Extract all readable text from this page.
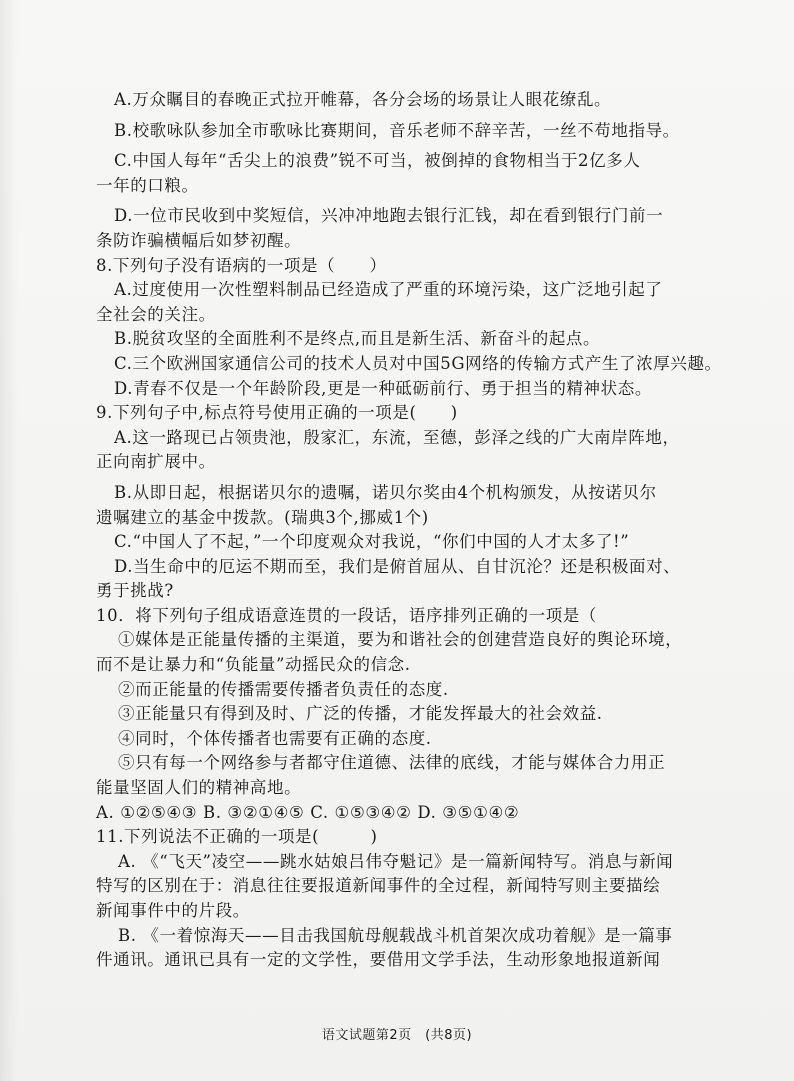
A.万众瞩目的春晚正式拉开帷幕，各分会场的场景让人眼花缭乱。
B.校歌咏队参加全市歌咏比赛期间，音乐老师不辞辛苦，一丝不苟地指导。
C.中国人每年“舌尖上的浪费”锐不可当，被倒掉的食物相当于2亿多人
一年的口粮。
D.一位市民收到中奖短信，兴冲冲地跑去银行汇钱，却在看到银行门前一
条防诈骗横幅后如梦初醒。
8.下列句子没有语病的一项是（　　）
A.过度使用一次性塑料制品已经造成了严重的环境污染，这广泛地引起了
全社会的关注。
B.脱贫攻坚的全面胜利不是终点,而且是新生活、新奋斗的起点。
C.三个欧洲国家通信公司的技术人员对中国5G网络的传输方式产生了浓厚兴趣。
D.青春不仅是一个年龄阶段,更是一种砥砺前行、勇于担当的精神状态。
9.下列句子中,标点符号使用正确的一项是(　　)
A.这一路现已占领贵池，殷家汇，东流，至德，彭泽之线的广大南岸阵地，
正向南扩展中。
B.从即日起，根据诺贝尔的遗嘱，诺贝尔奖由4个机构颁发，从按诺贝尔
遗嘱建立的基金中拨款。(瑞典3个,挪威1个)
C.“中国人了不起，”一个印度观众对我说，“你们中国的人才太多了!”
D.当生命中的厄运不期而至，我们是俯首屈从、自甘沉沦？还是积极面对、
勇于挑战?
10．将下列句子组成语意连贯的一段话，语序排列正确的一项是（
①媒体是正能量传播的主渠道，要为和谐社会的创建营造良好的舆论环境，
而不是让暴力和“负能量”动摇民众的信念.
②而正能量的传播需要传播者负责任的态度.
③正能量只有得到及时、广泛的传播，才能发挥最大的社会效益.
④同时，个体传播者也需要有正确的态度.
⑤只有每一个网络参与者都守住道德、法律的底线，才能与媒体合力用正
能量坚固人们的精神高地。
A. ①②⑤④③ B. ③②①④⑤ C. ①⑤③④② D. ③⑤①④②
11.下列说法不正确的一项是(　　　)
A. 《“飞天”凌空——跳水姑娘吕伟夺魁记》是一篇新闻特写。消息与新闻
特写的区别在于：消息往往要报道新闻事件的全过程，新闻特写则主要描绘
新闻事件中的片段。
B. 《一着惊海天——目击我国航母舰载战斗机首架次成功着舰》是一篇事
件通讯。通讯已具有一定的文学性，要借用文学手法，生动形象地报道新闻
语文试题第2页　(共8页)
